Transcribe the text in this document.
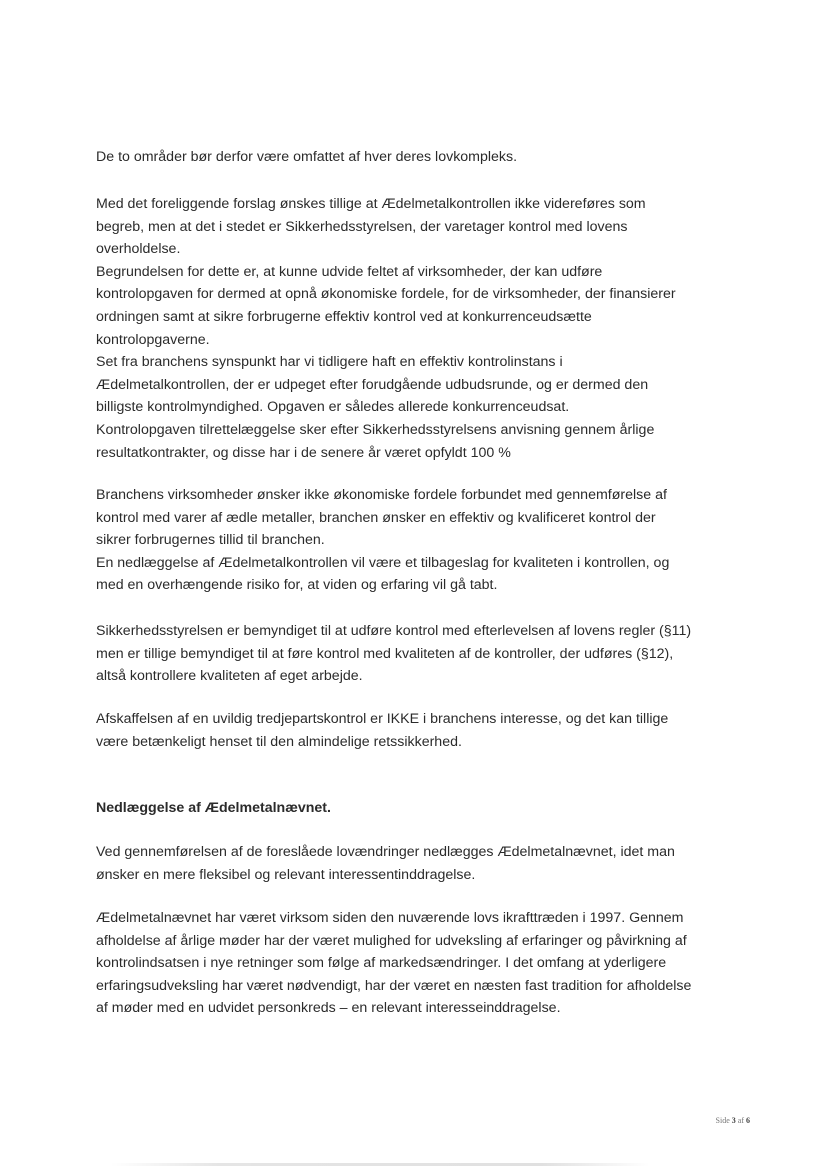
De to områder bør derfor være omfattet af hver deres lovkompleks.

Med det foreliggende forslag ønskes tillige at Ædelmetalkontrollen ikke videreføres som
begreb, men at det i stedet er Sikkerhedsstyrelsen, der varetager kontrol med lovens
overholdelse.
Begrundelsen for dette er, at kunne udvide feltet af virksomheder, der kan udføre
kontrolopgaven for dermed at opnå økonomiske fordele, for de virksomheder, der finansierer
ordningen samt at sikre forbrugerne effektiv kontrol ved at konkurrenceudsætte
kontrolopgaverne.
Set fra branchens synspunkt har vi tidligere haft en effektiv kontrolinstans i
Ædelmetalkontrollen, der er udpeget efter forudgående udbudsrunde, og er dermed den
billigste kontrolmyndighed. Opgaven er således allerede konkurrenceudsat.
Kontrolopgaven tilrettelæggelse sker efter Sikkerhedsstyrelsens anvisning gennem årlige
resultatkontrakter, og disse har i de senere år været opfyldt 100 %

Branchens virksomheder ønsker ikke økonomiske fordele forbundet med gennemførelse af
kontrol med varer af ædle metaller, branchen ønsker en effektiv og kvalificeret kontrol der
sikrer forbrugernes tillid til branchen.
En nedlæggelse af Ædelmetalkontrollen vil være et tilbageslag for kvaliteten i kontrollen, og
med en overhængende risiko for, at viden og erfaring vil gå tabt.

Sikkerhedsstyrelsen er bemyndiget til at udføre kontrol med efterlevelsen af lovens regler (§11)
men er tillige bemyndiget til at føre kontrol med kvaliteten af de kontroller, der udføres (§12),
altså kontrollere kvaliteten af eget arbejde.

Afskaffelsen af en uvildig tredjepartskontrol er IKKE i branchens interesse, og det kan tillige
være betænkeligt henset til den almindelige retssikkerhed.

Nedlæggelse af Ædelmetalnævnet.

Ved gennemførelsen af de foreslåede lovændringer nedlægges Ædelmetalnævnet, idet man
ønsker en mere fleksibel og relevant interessentinddragelse.

Ædelmetalnævnet har været virksom siden den nuværende lovs ikrafttræden i 1997. Gennem
afholdelse af årlige møder har der været mulighed for udveksling af erfaringer og påvirkning af
kontrolindsatsen i nye retninger som følge af markedsændringer. I det omfang at yderligere
erfaringsudveksling har været nødvendigt, har der været en næsten fast tradition for afholdelse
af møder med en udvidet personkreds – en relevant interesseinddragelse.

Side 3 af 6
